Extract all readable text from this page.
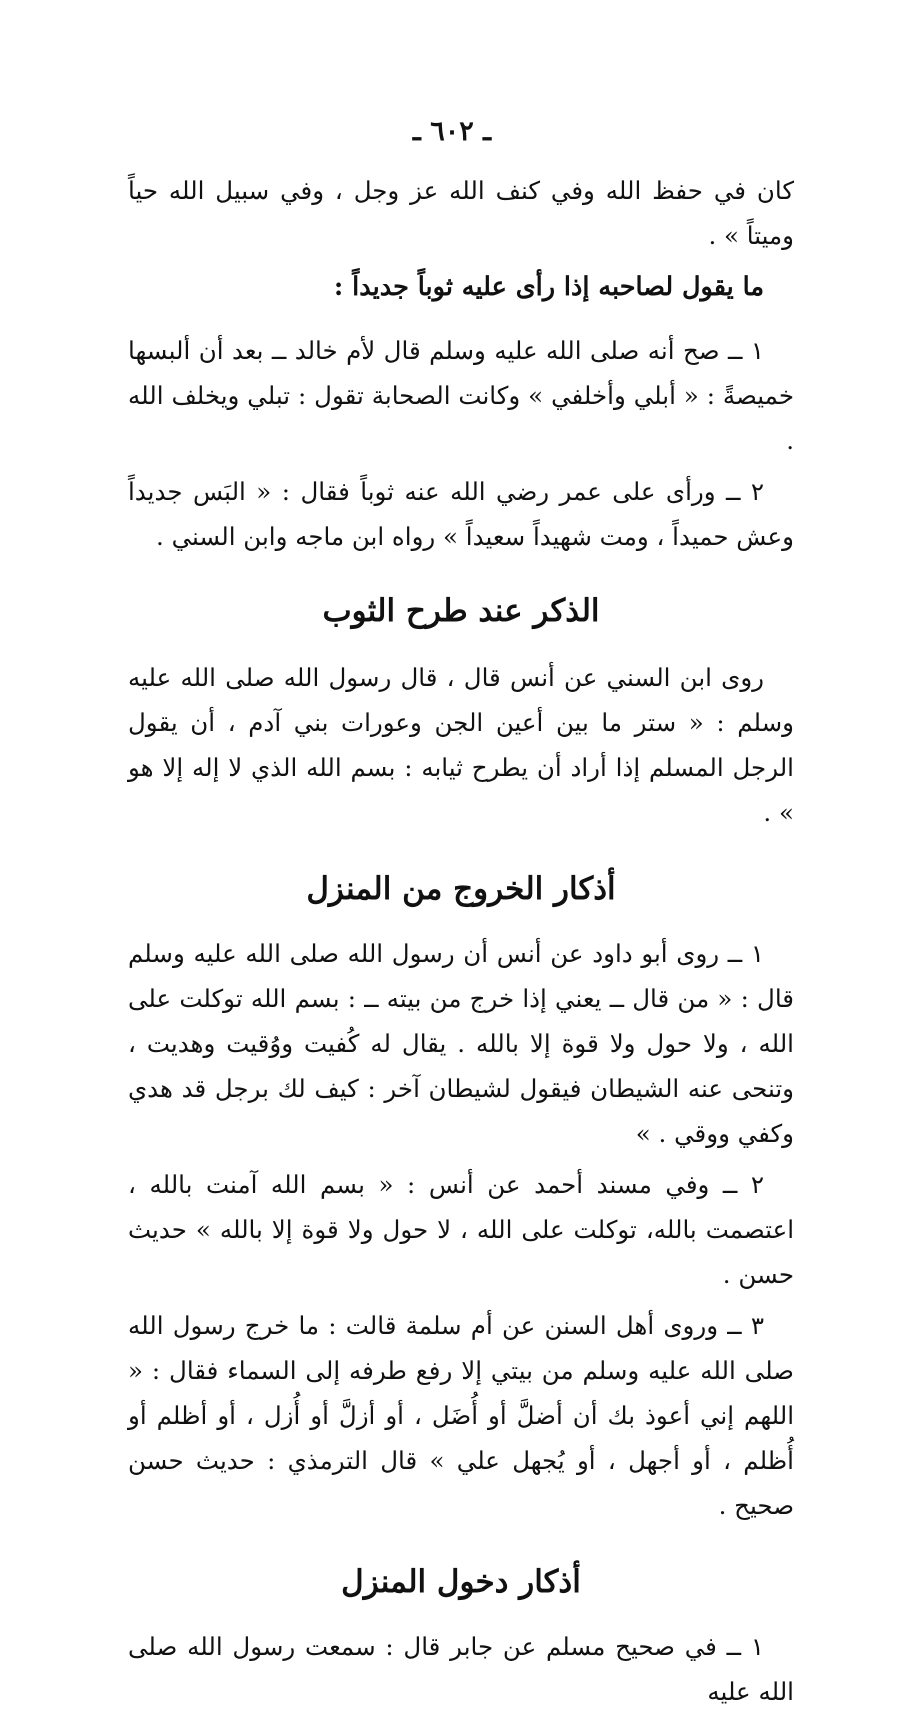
ـ ٦٠٢ ـ

كان في حفظ الله وفي كنف الله عز وجل ، وفي سبيل الله حياً وميتاً » .

ما يقول لصاحبه إذا رأى عليه ثوباً جديداً :

١ ــ صح أنه صلى الله عليه وسلم قال لأم خالد ــ بعد أن ألبسها خميصةً : « أبلي وأخلفي » وكانت الصحابة تقول : تبلي ويخلف الله .

٢ ــ ورأى على عمر رضي الله عنه ثوباً فقال : « البَس جديداً وعش حميداً ، ومت شهيداً سعيداً » رواه ابن ماجه وابن السني .

الذكر عند طرح الثوب

روى ابن السني عن أنس قال ، قال رسول الله صلى الله عليه وسلم : « ستر ما بين أعين الجن وعورات بني آدم ، أن يقول الرجل المسلم إذا أراد أن يطرح ثيابه : بسم الله الذي لا إله إلا هو » .

أذكار الخروج من المنزل

١ ــ روى أبو داود عن أنس أن رسول الله صلى الله عليه وسلم قال : « من قال ــ يعني إذا خرج من بيته ــ : بسم الله توكلت على الله ، ولا حول ولا قوة إلا بالله . يقال له كُفيت ووُقيت وهديت ، وتنحى عنه الشيطان فيقول لشيطان آخر : كيف لك برجل قد هدي وكفي ووقي . »

٢ ــ وفي مسند أحمد عن أنس : « بسم الله آمنت بالله ، اعتصمت بالله، توكلت على الله ، لا حول ولا قوة إلا بالله » حديث حسن .

٣ ــ وروى أهل السنن عن أم سلمة قالت : ما خرج رسول الله صلى الله عليه وسلم من بيتي إلا رفع طرفه إلى السماء فقال : « اللهم إني أعوذ بك أن أضلَّ أو أُضَل ، أو أزلَّ أو أُزل ، أو أظلم أو أُظلم ، أو أجهل ، أو يُجهل علي » قال الترمذي : حديث حسن صحيح .

أذكار دخول المنزل

١ ــ في صحيح مسلم عن جابر قال : سمعت رسول الله صلى الله عليه
